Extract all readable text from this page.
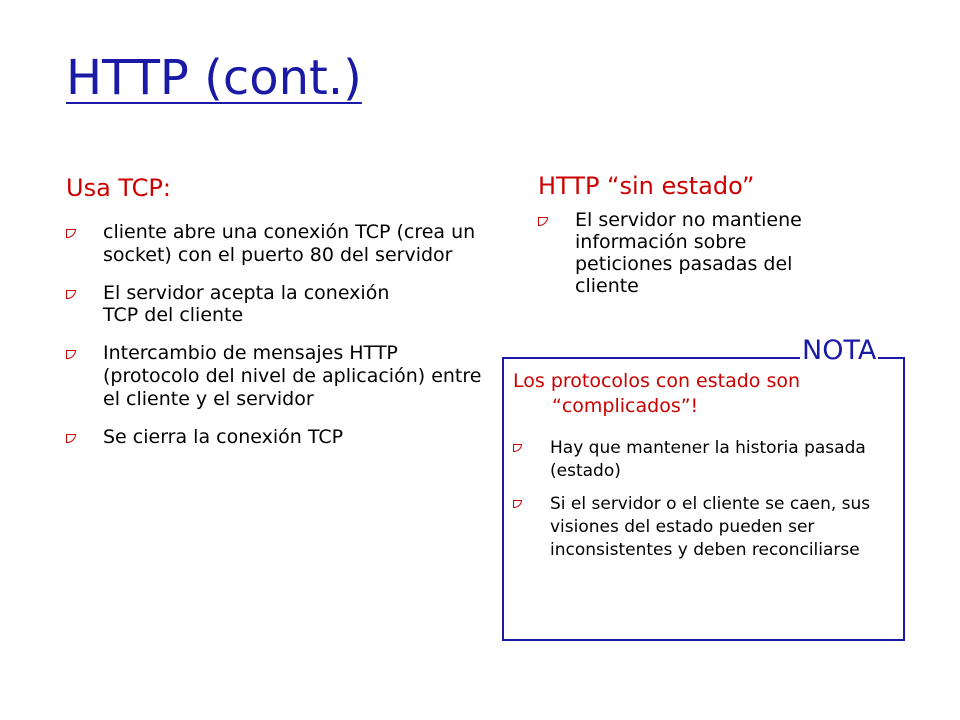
HTTP (cont.)
Usa TCP:
cliente abre una conexión TCP (crea un socket) con el puerto 80 del servidor
El servidor acepta la conexión TCP del cliente
Intercambio de mensajes HTTP (protocolo del nivel de aplicación) entre el cliente y el servidor
Se cierra la conexión TCP
HTTP “sin estado”
El servidor no mantiene información sobre peticiones pasadas del cliente
NOTA
Los protocolos con estado son
“complicados”!
Hay que mantener la historia pasada (estado)
Si el servidor o el cliente se caen, sus visiones del estado pueden ser inconsistentes y deben reconciliarse
